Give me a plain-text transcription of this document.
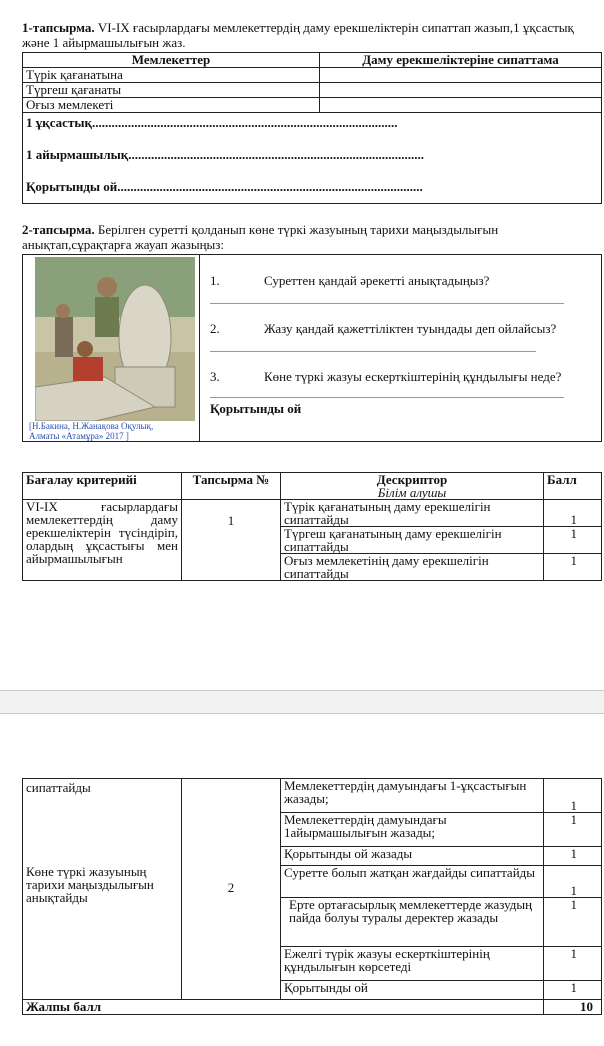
1-тапсырма. VI-IX ғасырлардағы мемлекеттердің даму ерекшеліктерін сипаттап жазып,1 ұқсастық және 1 айырмашылығын жаз.
Мемлекеттер	Даму ерекшеліктеріне сипаттама
Түрік қағанатына	
Түргеш қағанаты	
Оғыз мемлекеті	

1 ұқсастық..............................................................................................
1 айырмашылық...........................................................................................
Қорытынды ой..............................................................................................	
2-тапсырма. Берілген суретті қолданып көне түркі жазуының тарихи маңыздылығын анықтап,сұрақтарға жауап жазыңыз:
[Н.Бакина, Н.Жанақова Оқулық,
Алматы «Атамұра» 2017 ]

1.	Суреттен қандай әрекетті анықтадыңыз?
2.	Жазу қандай қажеттіліктен туындады деп ойлайсыз?
3.	Көне түркі жазуы ескерткіштерінің құндылығы неде?
Қорытынды ой
Бағалау критерийі	Тапсырма №	Дескриптор
Білім алушы	Балл
VI-IX ғасырлардағы мемлекеттердің даму ерекшеліктерін түсіндіріп, олардың ұқсастығы мен айырмашылығын	1	Түрік қағанатының даму ерекшелігін сипаттайды	1
		Түргеш қағанатының даму ерекшелігін сипаттайды	1
		Оғыз мемлекетінің даму ерекшелігін сипаттайды	1
сипаттайды
Көне түркі жазуының тарихи маңыздылығын анықтайды	2	Мемлекеттердің дамуындағы 1-ұқсастығын жазады;	1
		Мемлекеттердің дамуындағы 1айырмашылығын жазады;	1
		Қорытынды ой жазады	1
		Суретте болып жатқан жағдайды сипаттайды	1
		Ерте ортағасырлық мемлекеттерде жазудың пайда болуы туралы деректер жазады	1
		Ежелгі түрік жазуы ескерткіштерінің құндылығын көрсетеді	1
		Қорытынды ой	1
Жалпы балл			10
